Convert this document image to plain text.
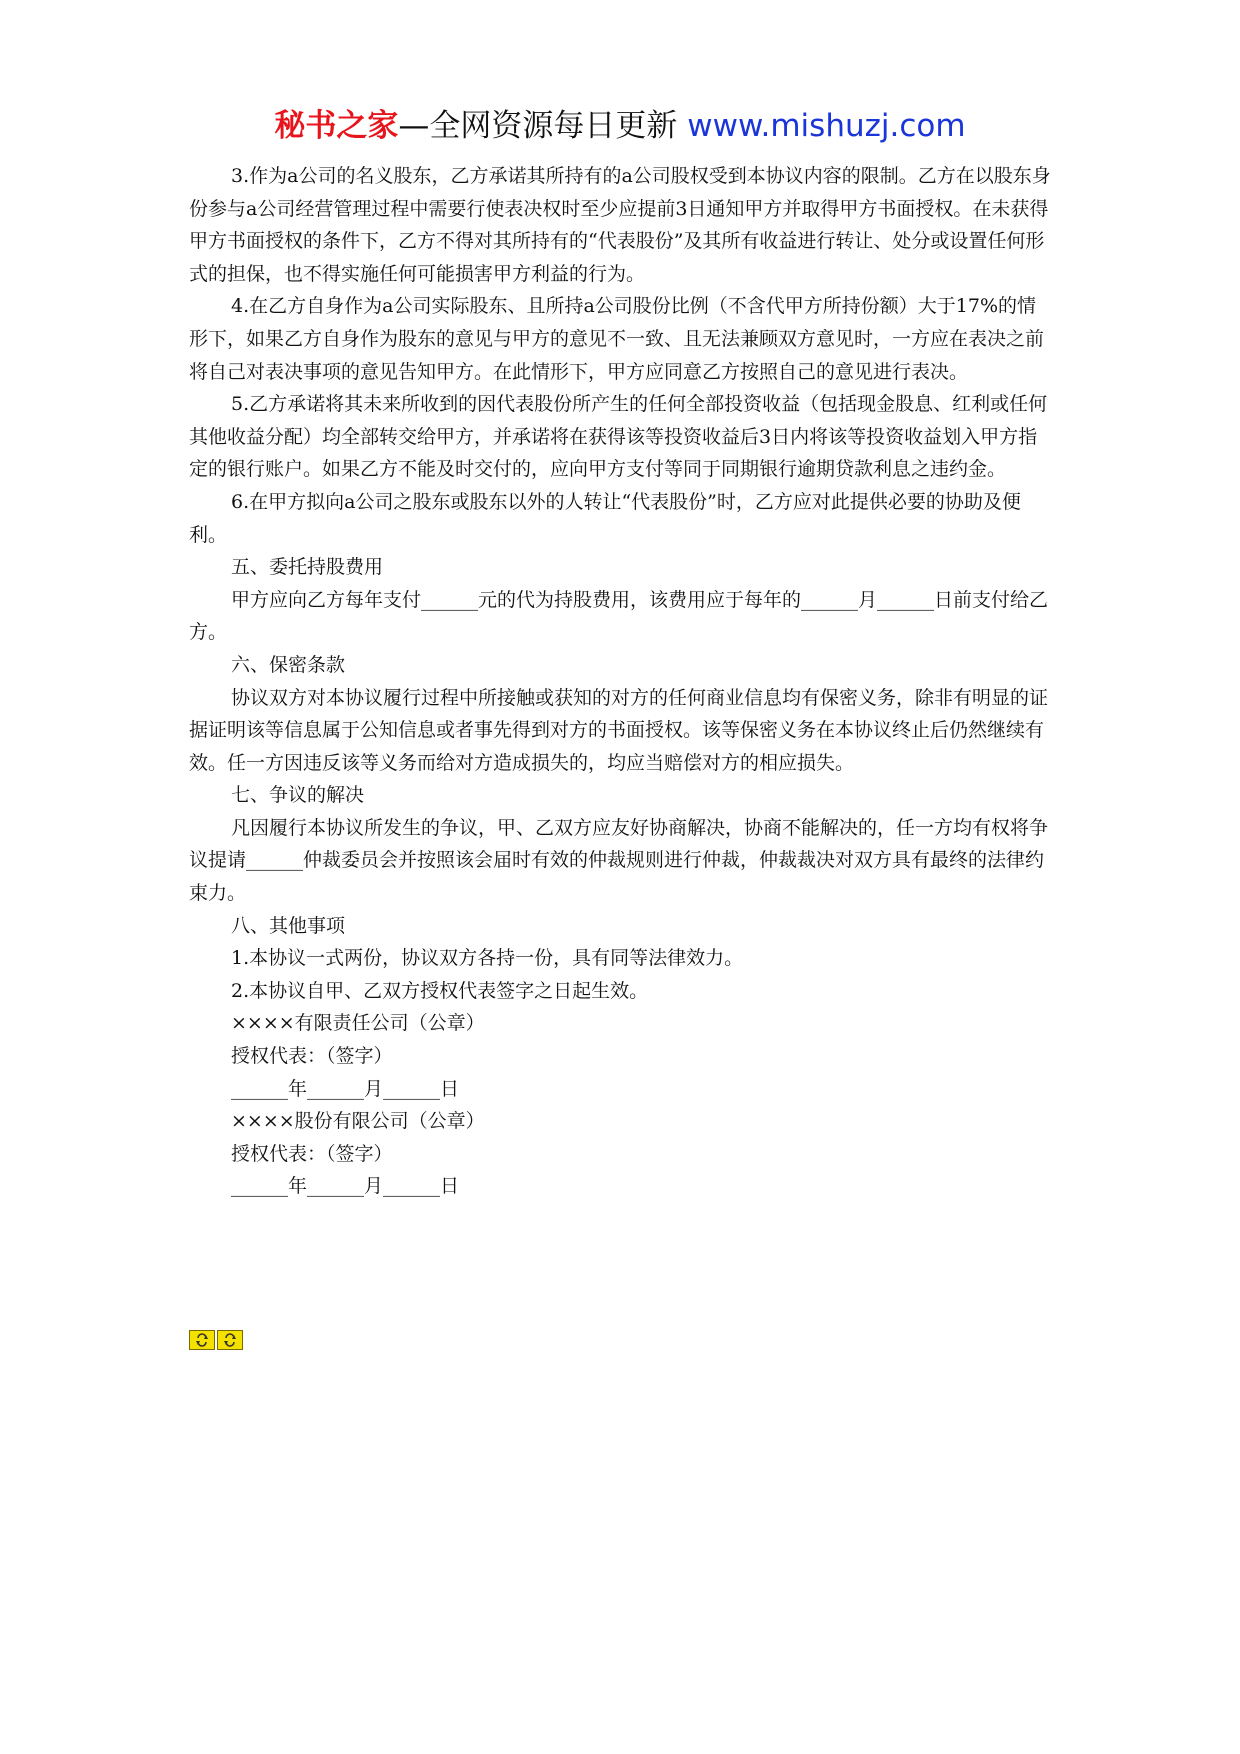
秘书之家—全网资源每日更新 www.mishuzj.com

3.作为a公司的名义股东，乙方承诺其所持有的a公司股权受到本协议内容的限制。乙方在以股东身份参与a公司经营管理过程中需要行使表决权时至少应提前3日通知甲方并取得甲方书面授权。在未获得甲方书面授权的条件下，乙方不得对其所持有的“代表股份”及其所有收益进行转让、处分或设置任何形式的担保，也不得实施任何可能损害甲方利益的行为。

4.在乙方自身作为a公司实际股东、且所持a公司股份比例（不含代甲方所持份额）大于17%的情形下，如果乙方自身作为股东的意见与甲方的意见不一致、且无法兼顾双方意见时，一方应在表决之前将自己对表决事项的意见告知甲方。在此情形下，甲方应同意乙方按照自己的意见进行表决。

5.乙方承诺将其未来所收到的因代表股份所产生的任何全部投资收益（包括现金股息、红利或任何其他收益分配）均全部转交给甲方，并承诺将在获得该等投资收益后3日内将该等投资收益划入甲方指定的银行账户。如果乙方不能及时交付的，应向甲方支付等同于同期银行逾期贷款利息之违约金。

6.在甲方拟向a公司之股东或股东以外的人转让“代表股份”时，乙方应对此提供必要的协助及便利。

五、委托持股费用

甲方应向乙方每年支付______元的代为持股费用，该费用应于每年的______月______日前支付给乙方。

六、保密条款

协议双方对本协议履行过程中所接触或获知的对方的任何商业信息均有保密义务，除非有明显的证据证明该等信息属于公知信息或者事先得到对方的书面授权。该等保密义务在本协议终止后仍然继续有效。任一方因违反该等义务而给对方造成损失的，均应当赔偿对方的相应损失。

七、争议的解决

凡因履行本协议所发生的争议，甲、乙双方应友好协商解决，协商不能解决的，任一方均有权将争议提请______仲裁委员会并按照该会届时有效的仲裁规则进行仲裁，仲裁裁决对双方具有最终的法律约束力。

八、其他事项

1.本协议一式两份，协议双方各持一份，具有同等法律效力。

2.本协议自甲、乙双方授权代表签字之日起生效。

××××有限责任公司（公章）

授权代表：（签字）

______年______月______日

××××股份有限公司（公章）

授权代表：（签字）

______年______月______日
